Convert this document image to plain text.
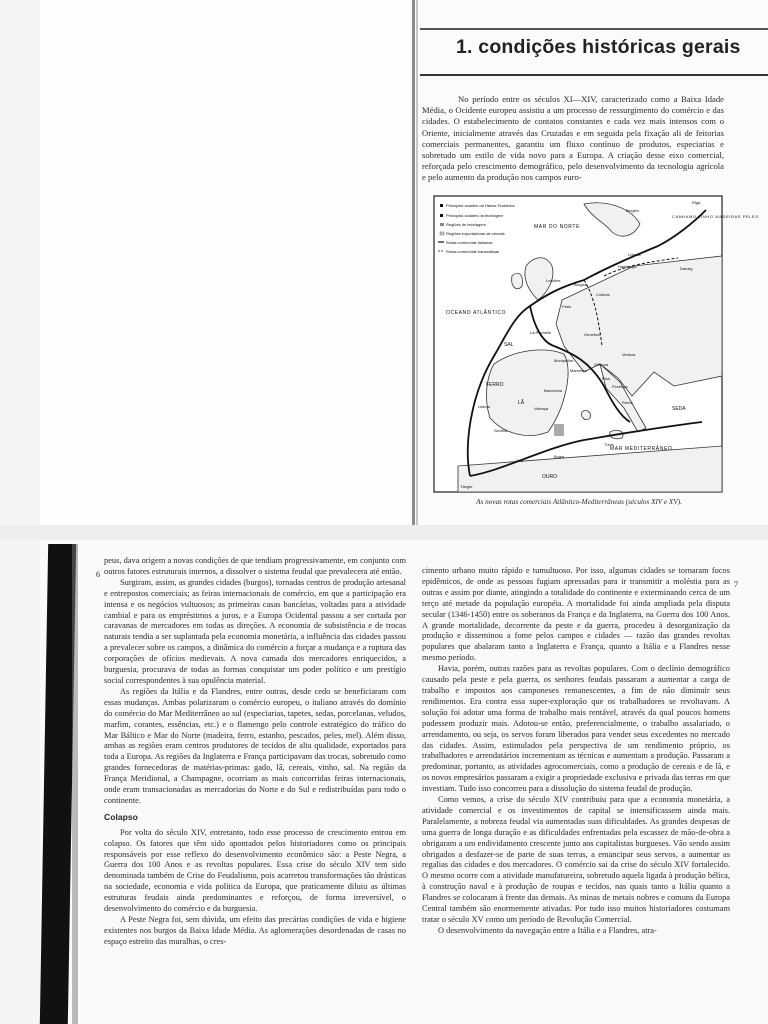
1. condições históricas gerais
No período entre os séculos XI—XIV, caracterizado como a Baixa Idade Média, o Ocidente europeu assistiu a um processo de ressurgimento do comércio e das cidades. O estabelecimento de contatos constantes e cada vez mais intensos com o Oriente, inicialmente através das Cruzadas e em seguida pela fixação ali de feitorias comerciais permanentes, garantiu um fluxo contínuo de produtos, especiarias e sobretudo um estilo de vida novo para a Europa. A criação desse eixo comercial, reforçada pelo crescimento demográfico, pelo desenvolvimento da tecnologia agrícola e pelo aumento da produção nos campos euro-
Principais cidades da Hansa Teutônica
Principais cidades da tecelagem
Regiões de tecelagem
Regiões exportadoras de cereais
Rotas comerciais italianas
Rotas comerciais hanseáticas
MAR DO NORTE
OCEANO ATLÂNTICO
CANHAMO LINHO MADEIRAS PELES
MAR MEDITERRÂNEO
Riga
Bergen
Danzig
Lübeck
Hamburgo
Bruges
Colônia
Paris
Londres
Genebra
Gênova
Pisa
Veneza
Florença
Roma
Barcelona
Lisboa
Sevilha
Valença
Montpellier
Marselha
La Rochelle
Túnis
Bugia
Orã
Tânger
FERRO
LÃ
SAL
OURO
SEDA
As novas rotas comerciais Atlântico-Mediterrâneas (séculos XIV e XV).
6
7

peus, dava origem a novas condições de que tendiam progressivamente, em conjunto com outros fatores estruturais internos, a dissolver o sistema feudal que prevalecera até então.

Surgiram, assim, as grandes cidades (burgos), tornadas centros de produção artesanal e entrepostos comerciais; as feiras internacionais de comércio, em que a participação era intensa e os negócios vultuosos; as primeiras casas bancárias, voltadas para a atividade cambial e para os empréstimos a juros, e a Europa Ocidental passou a ser cortada por caravanas de mercadores em todas as direções. A economia de subsistência e de trocas naturais tendia a ser suplantada pela economia monetária, a influência das cidades passou a prevalecer sobre os campos, a dinâmica do comércio a forçar a mudança e a ruptura das corporações de ofícios medievais. A nova camada dos mercadores enriquecidos, a burguesia, procurava de todas as formas conquistar um poder político e um prestígio social correspondentes à sua opulência material.

As regiões da Itália e da Flandres, entre outras, desde cedo se beneficiaram com essas mudanças. Ambas polarizaram o comércio europeu, o italiano através do domínio do comércio do Mar Mediterrâneo ao sul (especiarias, tapetes, sedas, porcelanas, veludos, marfim, corantes, essências, etc.) e o flamengo pelo controle estratégico do tráfico do Mar Báltico e Mar do Norte (madeira, ferro, estanho, pescados, peles, mel). Além disso, ambas as regiões eram centros produtores de tecidos de alta qualidade, exportados para toda a Europa. As regiões da Inglaterra e França participavam das trocas, sobretudo como grandes fornecedoras de matérias-primas: gado, lã, cereais, vinho, sal. Na região da França Meridional, a Champagne, ocorriam as mais concorridas feiras internacionais, onde eram transacionadas as mercadorias do Norte e do Sul e redistribuídas para todo o continente.

Colapso

Por volta do século XIV, entretanto, todo esse processo de crescimento entrou em colapso. Os fatores que têm sido apontados pelos historiadores como os principais responsáveis por esse reflexo do desenvolvimento econômico são: a Peste Negra, a Guerra dos 100 Anos e as revoltas populares. Essa crise do século XIV tem sido denominada também de Crise do Feudalismo, pois acarretou transformações tão drásticas na sociedade, economia e vida política da Europa, que praticamente diluiu as últimas estruturas feudais ainda predominantes e reforçou, de forma irreversível, o desenvolvimento do comércio e da burguesia.

A Peste Negra foi, sem dúvida, um efeito das precárias condições de vida e higiene existentes nos burgos da Baixa Idade Média. As aglomerações desordenadas de casas no espaço estreito das muralhas, o cres-

cimento urbano muito rápido e tumultuoso. Por isso, algumas cidades se tornaram focos epidêmicos, de onde as pessoas fugiam apressadas para ir transmitir a moléstia para as outras e assim por diante, atingindo a totalidade do continente e exterminando cerca de um terço até metade da população européia. A mortalidade foi ainda ampliada pela disputa secular (1346-1450) entre os soberanos da França e da Inglaterra, na Guerra dos 100 Anos. A grande mortalidade, decorrente da peste e da guerra, procedeu à desorganização da produção e disseminou a fome pelos campos e cidades — razão das grandes revoltas populares que abalaram tanto a Inglaterra e França, quanto a Itália e a Flandres nesse mesmo período.

Havia, porém, outras razões para as revoltas populares. Com o declínio demográfico causado pela peste e pela guerra, os senhores feudais passaram a aumentar a carga de trabalho e impostos aos camponeses remanescentes, a fim de não diminuir seus rendimentos. Era contra essa super-exploração que os trabalhadores se revoltavam. A solução foi adotar uma forma de trabalho mais rentável, através da qual poucos homens pudessem produzir mais. Adotou-se então, preferencialmente, o trabalho assalariado, o arrendamento, ou seja, os servos foram liberados para vender seus excedentes no mercado das cidades. Assim, estimulados pela perspectiva de um rendimento próprio, os trabalhadores e arrendatários incrementam as técnicas e aumentam a produção. Passaram a predominar, portanto, as atividades agrocomerciais, como a produção de cereais e de lã, e os novos empresários passaram a exigir a propriedade exclusiva e privada das terras em que investiam. Tudo isso concorreu para a dissolução do sistema feudal de produção.

Como vemos, a crise do século XIV contribuiu para que a economia monetária, a atividade comercial e os investimentos de capital se intensificassem ainda mais. Paralelamente, a nobreza feudal via aumentadas suas dificuldades. As grandes despesas de uma guerra de longa duração e as dificuldades enfrentadas pela escassez de mão-de-obra a obrigaram a um endividamento crescente junto aos capitalistas burgueses. Vão sendo assim obrigados a desfazer-se de parte de suas terras, a emancipar seus servos, a aumentar as regalias das cidades e dos mercadores. O comércio sai da crise do século XIV fortalecido. O mesmo ocorre com a atividade manufatureira, sobretudo aquela ligada à produção bélica, à construção naval e à produção de roupas e tecidos, nas quais tanto a Itália quanto a Flandres se colocaram à frente das demais. As minas de metais nobres e comuns da Europa Central também são enormemente ativadas. Por tudo isso muitos historiadores costumam tratar o século XV como um período de Revolução Comercial.

O desenvolvimento da navegação entre a Itália e a Flandres, atra-
